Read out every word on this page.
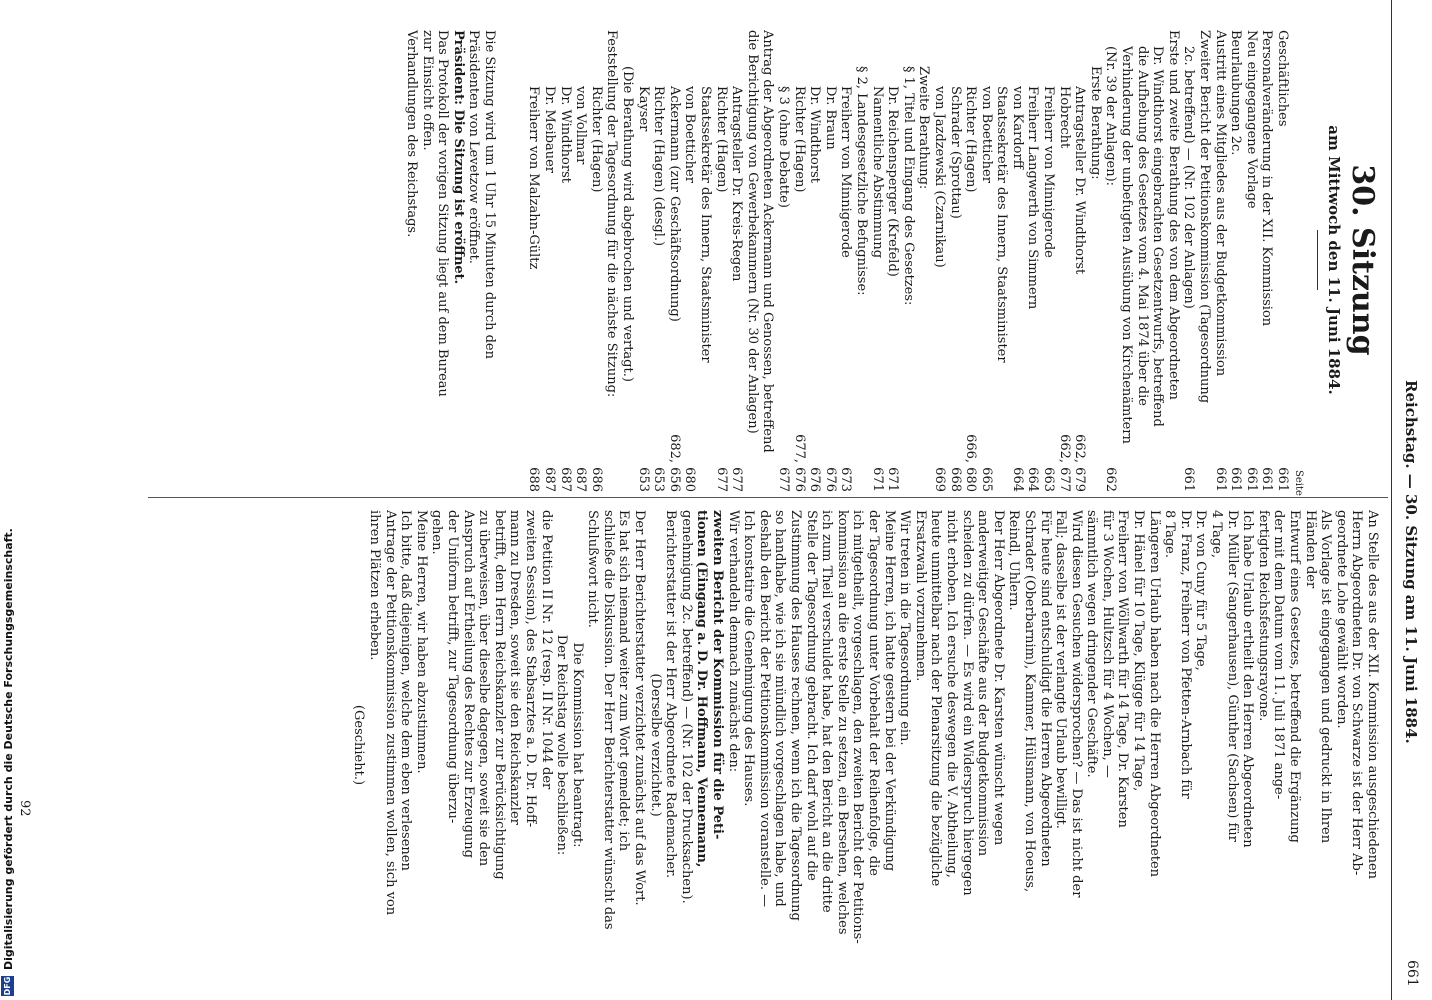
Reichstag. — 30. Sitzung am 11. Juni 1884.
661
30. Sitzung
am Mittwoch den 11. Juni 1884.
Seite
Geschäftliches
661
Personalveränderung in der XII. Kommission
661
Neu eingegangene Vorlage
661
Beurlaubungen 2c.
661
Austritt eines Mitgliedes aus der Budgetkommission
661
Zweiter Bericht der Petitionskommission (Tagesordnung
2c. betreffend) — (Nr. 102 der Anlagen)
661
Erste und zweite Berathung des von dem Abgeordneten
Dr. Windthorst eingebrachten Gesetzentwurfs, betreffend
die Aufhebung des Gesetzes vom 4. Mai 1874 über die
Verhinderung der unbefugten Ausübung von Kirchenämtern
(Nr. 39 der Anlagen):
662
Erste Berathung:
Antragsteller Dr. Windthorst
662, 679
Hobrecht
662, 677
Freiherr von Minnigerode
663
Freiherr Langwerth von Simmern
664
von Kardorff
664
Staatssekretär des Innern, Staatsminister
von Boetticher
665
Richter (Hagen)
666, 680
Schrader (Sprottau)
668
von Jazdzewski (Czarnikau)
669
Zweite Berathung:
§ 1, Titel und Eingang des Gesetzes:
Dr. Reichensperger (Krefeld)
671
Namentliche Abstimmung
671
§ 2, Landesgesetzliche Befugnisse:
Freiherr von Minnigerode
673
Dr. Braun
676
Dr. Windthorst
676
Richter (Hagen)
677, 676
§ 3 (ohne Debatte)
677
Antrag der Abgeordneten Ackermann und Genossen, betreffend
die Berichtigung von Gewerbekammern (Nr. 30 der Anlagen)
Antragsteller Dr. Kreis-Regen
677
Richter (Hagen)
677
Staatssekretär des Innern, Staatsminister
von Boetticher
680
Ackermann (zur Geschäftsordnung)
682, 656
Richter (Hagen) (desgl.)
653
Kayser
653
(Die Berathung wird abgebrochen und vertagt.)
Feststellung der Tagesordnung für die nächste Sitzung:
Richter (Hagen)
686
von Vollmar
687
Dr. Windthorst
687
Dr. Meibauer
687
Freiherr von Malzahn-Gültz
688
Die Sitzung wird um 1 Uhr 15 Minuten durch den
Präsidenten von Levetzow eröffnet.
Präsident: Die Sitzung ist eröffnet.
Das Protokoll der vorigen Sitzung liegt auf dem Bureau
zur Einsicht offen.
Verhandlungen des Reichstags.
An Stelle des aus der XII. Kommission ausgeschiedenen
Herrn Abgeordneten Dr. von Schwarze ist der Herr Ab-
geordnete Lohe gewählt worden.
Als Vorlage ist eingegangen und gedruckt in Ihren
Händen der
Entwurf eines Gesetzes, betreffend die Ergänzung
der mit dem Datum vom 11. Juli 1871 ange-
fertigten Reichsfestungsrayone.
Ich habe Urlaub ertheilt den Herren Abgeordneten
Dr. Müller (Sangerhausen), Günther (Sachsen) für
4 Tage,
Dr. von Cuny für 5 Tage,
Dr. Franz, Freiherr von Pfetten-Arnbach für
8 Tage.
Längeren Urlaub haben nach die Herren Abgeordneten
Dr. Hänel für 10 Tage, Klügge für 14 Tage,
Freiherr von Wöllwarth für 14 Tage, Dr. Karsten
für 3 Wochen, Hultzsch für 4 Wochen, —
sämmtlich wegen dringender Geschäfte.
Wird diesen Gesuchen widersprochen? — Das ist nicht der
Fall; dasselbe ist der verlangte Urlaub bewilligt.
Für heute sind entschuldigt die Herren Abgeordneten
Schrader (Oberbarnim), Kammer, Hülsmann, von Hoeuss,
Reindl, Uhlern.
Der Herr Abgeordnete Dr. Karsten wünscht wegen
anderweitiger Geschäfte aus der Budgetkommission
scheiden zu dürfen. — Es wird ein Widerspruch hiergegen
nicht erhoben. Ich ersuche deswegen die V. Abtheilung,
heute unmittelbar nach der Plenarsitzung die bezügliche
Ersatzwahl vorzunehmen.
Wir treten in die Tagesordnung ein.
Meine Herren, ich hatte gestern bei der Verkündigung
der Tagesordnung unter Vorbehalt der Reihenfolge, die
ich mitgetheilt, vorgeschlagen, den zweiten Bericht der Petitions-
kommission an die erste Stelle zu setzen, ein Bersehen, welches
ich zum Theil verschuldet habe, hat den Bericht an die dritte
Stelle der Tagesordnung gebracht. Ich darf wohl auf die
Zustimmung des Hauses rechnen, wenn ich die Tagesordnung
so handhabe, wie ich sie mündlich vorgeschlagen habe, und
deshalb den Bericht der Petitionskommission voranstelle. —
Ich konstatire die Genehmigung des Hauses.
Wir verhandeln demnach zunächst den:
zweiten Bericht der Kommission für die Peti-
tionen (Eingang a. D. Dr. Hoffmann, Vennemann,
genehmigung 2c. betreffend) — (Nr. 102 der Drucksachen).
Berichterstatter ist der Herr Abgeordnete Rademacher.
(Derselbe verzichtet.)
Der Herr Berichterstatter verzichtet zunächst auf das Wort.
Es hat sich niemand weiter zum Wort gemeldet; ich
schließe die Diskussion. Der Herr Berichterstatter wünscht das
Schlußwort nicht.
Die Kommission hat beantragt:
Der Reichstag wolle beschließen:
die Petition II Nr. 12 (resp. II Nr. 1044 der
zweiten Session), des Stabsarztes a. D. Dr. Hoff-
mann zu Dresden, soweit sie den Reichskanzler
betrifft, dem Herrn Reichskanzler zur Berücksichtigung
zu überweisen, über dieselbe dagegen, soweit sie den
Anspruch auf Ertheilung des Rechtes zur Erzeugung
der Uniform betrifft, zur Tagesordnung überzu-
gehen.
Meine Herren, wir haben abzustimmen.
Ich bitte, daß diejenigen, welche dem eben verlesenen
Antrage der Petitionskommission zustimmen wollen, sich von
ihren Plätzen erheben.
(Geschieht.)
92
DFG
Digitalisierung gefördert durch die Deutsche Forschungsgemeinschaft.
